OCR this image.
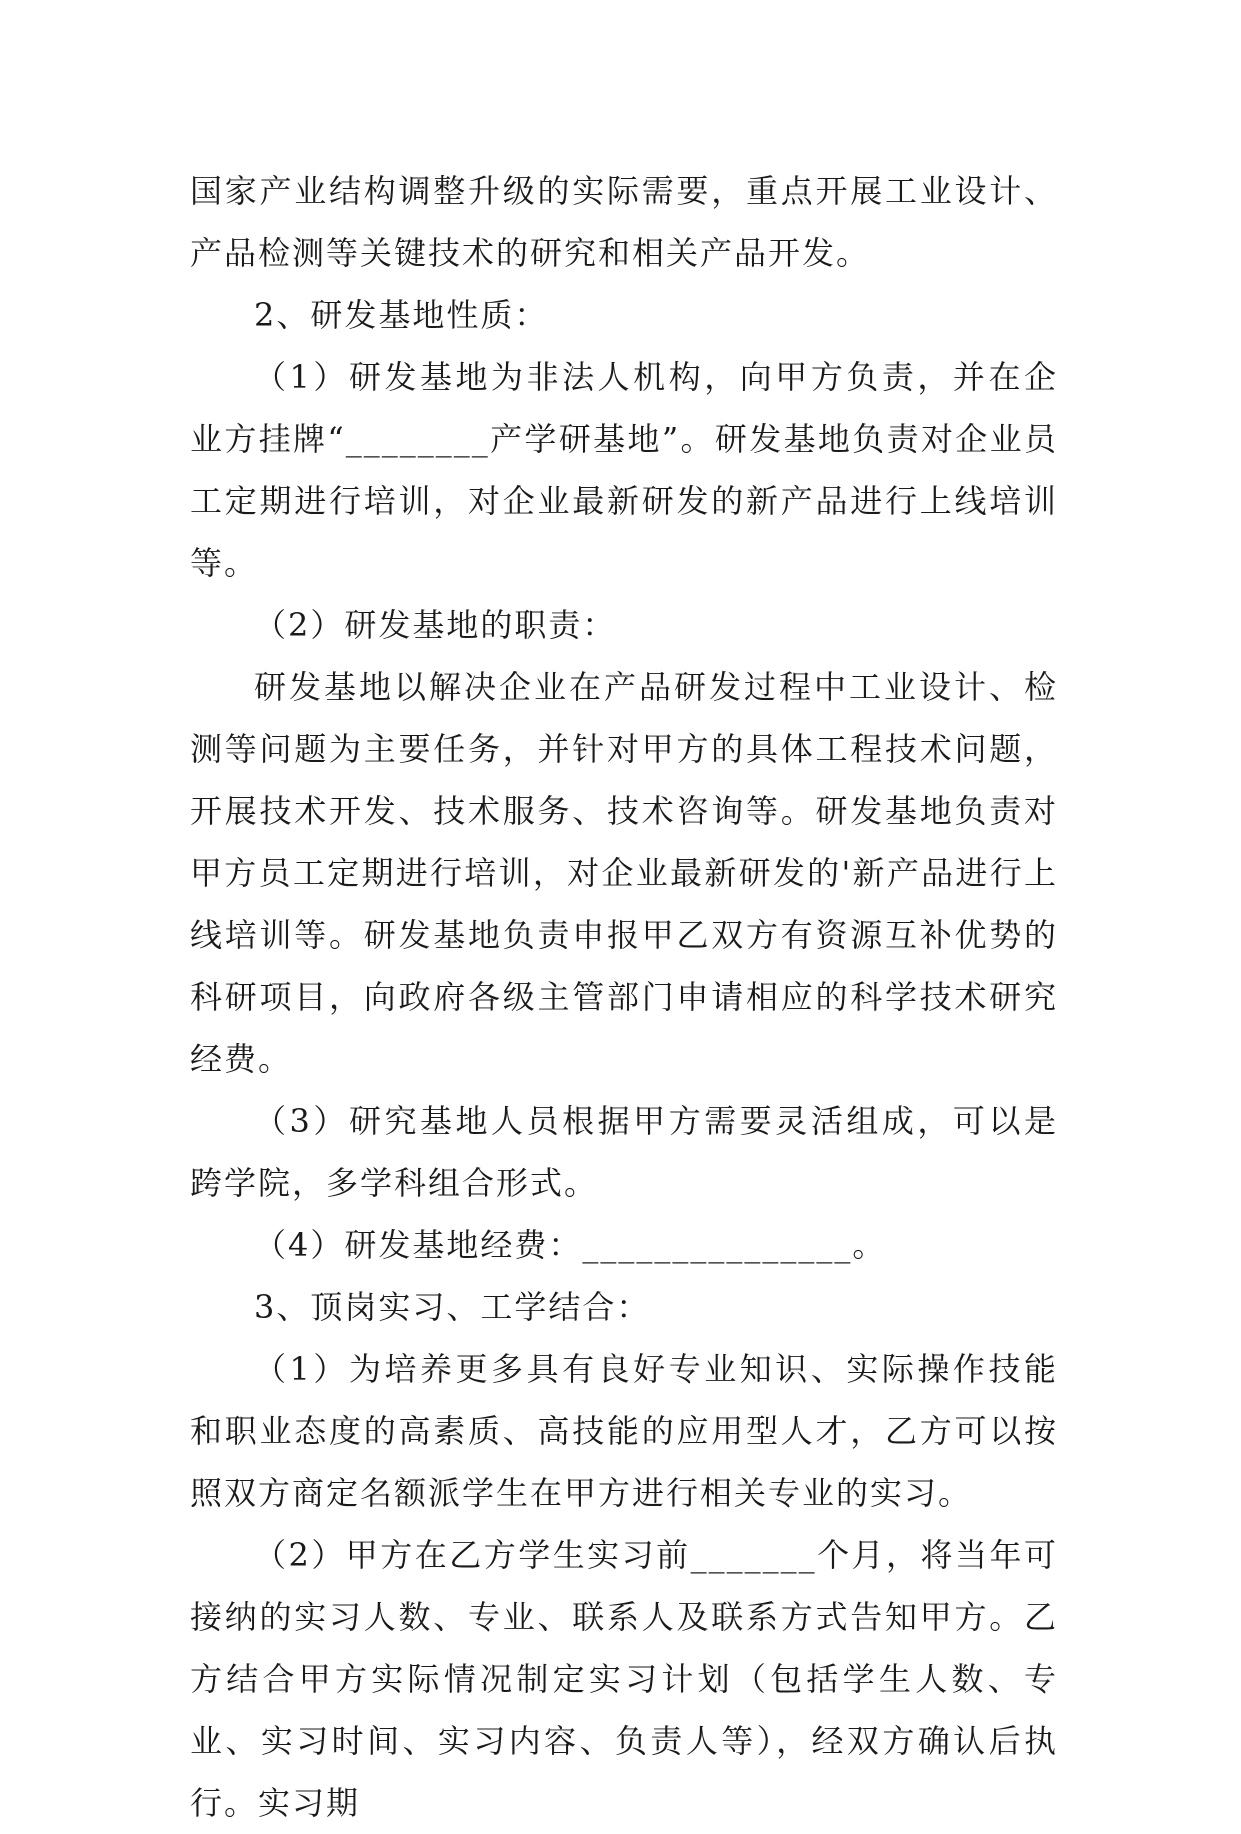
国家产业结构调整升级的实际需要，重点开展工业设计、产品检测等关键技术的研究和相关产品开发。

2、研发基地性质：

（1）研发基地为非法人机构，向甲方负责，并在企业方挂牌“________产学研基地”。研发基地负责对企业员工定期进行培训，对企业最新研发的新产品进行上线培训等。

（2）研发基地的职责：

研发基地以解决企业在产品研发过程中工业设计、检测等问题为主要任务，并针对甲方的具体工程技术问题，开展技术开发、技术服务、技术咨询等。研发基地负责对甲方员工定期进行培训，对企业最新研发的'新产品进行上线培训等。研发基地负责申报甲乙双方有资源互补优势的科研项目，向政府各级主管部门申请相应的科学技术研究经费。

（3）研究基地人员根据甲方需要灵活组成，可以是跨学院，多学科组合形式。

（4）研发基地经费：_______________。

3、顶岗实习、工学结合：

（1）为培养更多具有良好专业知识、实际操作技能和职业态度的高素质、高技能的应用型人才，乙方可以按照双方商定名额派学生在甲方进行相关专业的实习。

（2）甲方在乙方学生实习前_______个月，将当年可接纳的实习人数、专业、联系人及联系方式告知甲方。乙方结合甲方实际情况制定实习计划（包括学生人数、专业、实习时间、实习内容、负责人等），经双方确认后执行。实习期
